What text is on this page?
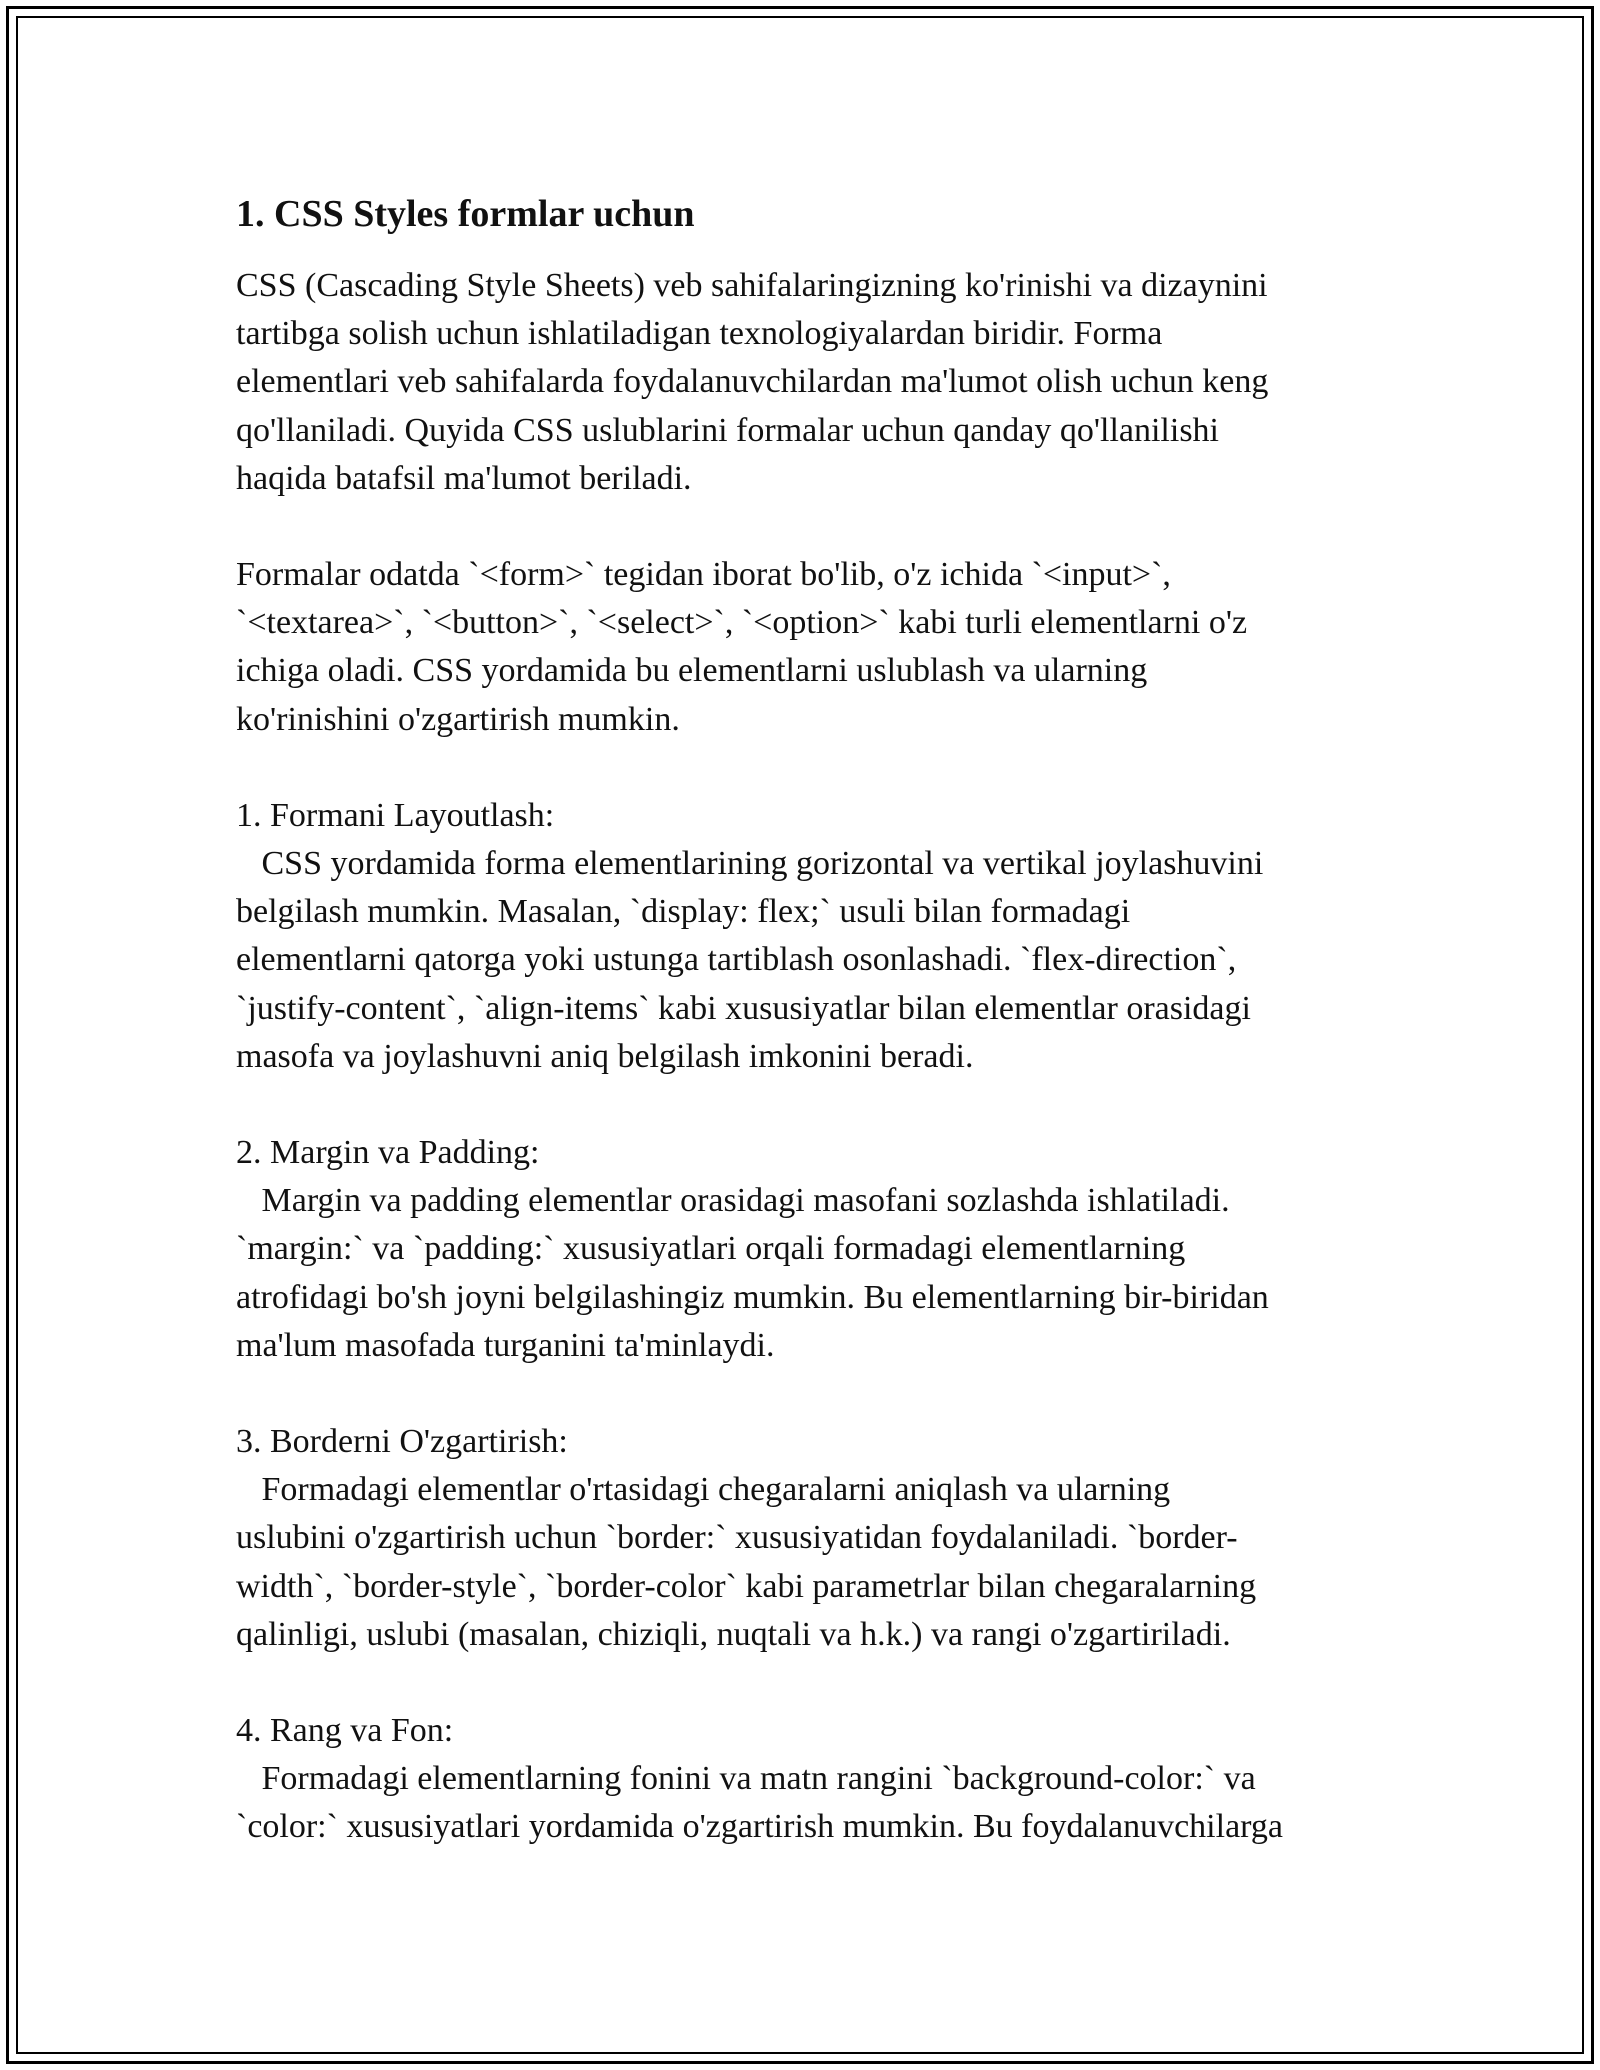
1. CSS Styles formlar uchun
CSS (Cascading Style Sheets) veb sahifalaringizning ko'rinishi va dizaynini
tartibga solish uchun ishlatiladigan texnologiyalardan biridir. Forma
elementlari veb sahifalarda foydalanuvchilardan ma'lumot olish uchun keng
qo'llaniladi. Quyida CSS uslublarini formalar uchun qanday qo'llanilishi
haqida batafsil ma'lumot beriladi.
Formalar odatda `<form>` tegidan iborat bo'lib, o'z ichida `<input>`,
`<textarea>`, `<button>`, `<select>`, `<option>` kabi turli elementlarni o'z
ichiga oladi. CSS yordamida bu elementlarni uslublash va ularning
ko'rinishini o'zgartirish mumkin.
1. Formani Layoutlash:
CSS yordamida forma elementlarining gorizontal va vertikal joylashuvini
belgilash mumkin. Masalan, `display: flex;` usuli bilan formadagi
elementlarni qatorga yoki ustunga tartiblash osonlashadi. `flex-direction`,
`justify-content`, `align-items` kabi xususiyatlar bilan elementlar orasidagi
masofa va joylashuvni aniq belgilash imkonini beradi.
2. Margin va Padding:
Margin va padding elementlar orasidagi masofani sozlashda ishlatiladi.
`margin:` va `padding:` xususiyatlari orqali formadagi elementlarning
atrofidagi bo'sh joyni belgilashingiz mumkin. Bu elementlarning bir-biridan
ma'lum masofada turganini ta'minlaydi.
3. Borderni O'zgartirish:
Formadagi elementlar o'rtasidagi chegaralarni aniqlash va ularning
uslubini o'zgartirish uchun `border:` xususiyatidan foydalaniladi. `border-
width`, `border-style`, `border-color` kabi parametrlar bilan chegaralarning
qalinligi, uslubi (masalan, chiziqli, nuqtali va h.k.) va rangi o'zgartiriladi.
4. Rang va Fon:
Formadagi elementlarning fonini va matn rangini `background-color:` va
`color:` xususiyatlari yordamida o'zgartirish mumkin. Bu foydalanuvchilarga
